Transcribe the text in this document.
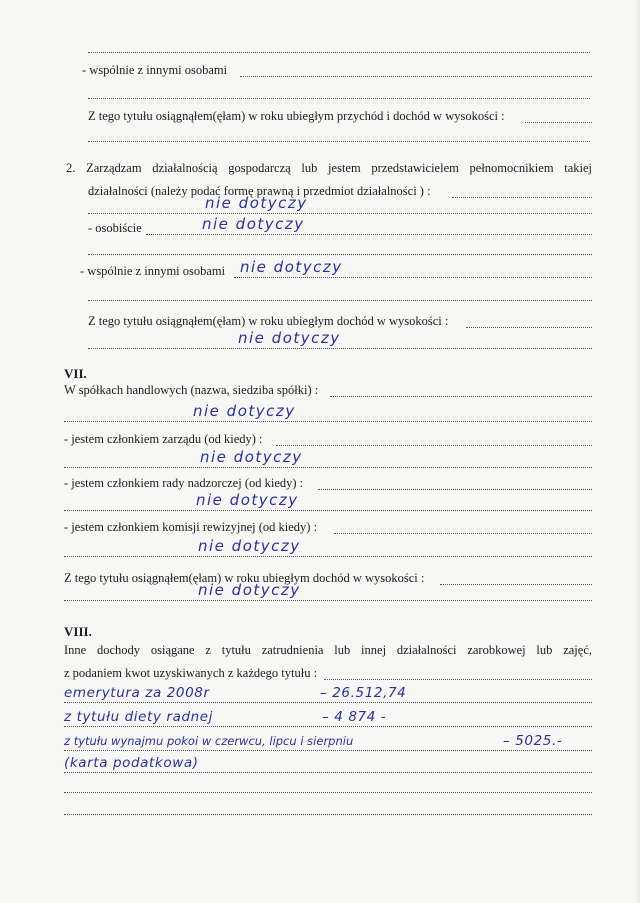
- wspólnie z innymi osobami
Z tego tytułu osiągnąłem(ęłam) w roku ubiegłym przychód i dochód w wysokości :
2. Zarządzam działalnością gospodarczą lub jestem przedstawicielem pełnomocnikiem takiej
działalności (należy podać formę prawną i przedmiot działalności ) :
nie dotyczy
- osobiście	nie dotyczy
- wspólnie z innymi osobami nie dotyczy
Z tego tytułu osiągnąłem(ęłam) w roku ubiegłym dochód w wysokości :
nie dotyczy
VII.
W spółkach handlowych (nazwa, siedziba spółki) :
nie dotyczy
- jestem członkiem zarządu (od kiedy) :
nie dotyczy
- jestem członkiem rady nadzorczej (od kiedy) :
nie dotyczy
- jestem członkiem komisji rewizyjnej (od kiedy) :
nie dotyczy
Z tego tytułu osiągnąłem(ęłam) w roku ubiegłym dochód w wysokości :
nie dotyczy
VIII.
Inne dochody osiągane z tytułu zatrudnienia lub innej działalności zarobkowej lub zajęć,
z podaniem kwot uzyskiwanych z każdego tytułu :
emerytura za 2008r	– 26.512,74
z tytułu diety radnej	– 4 874 -
z tytułu wynajmu pokoi w czerwcu, lipcu i sierpniu	– 5025.-
(karta podatkowa)
